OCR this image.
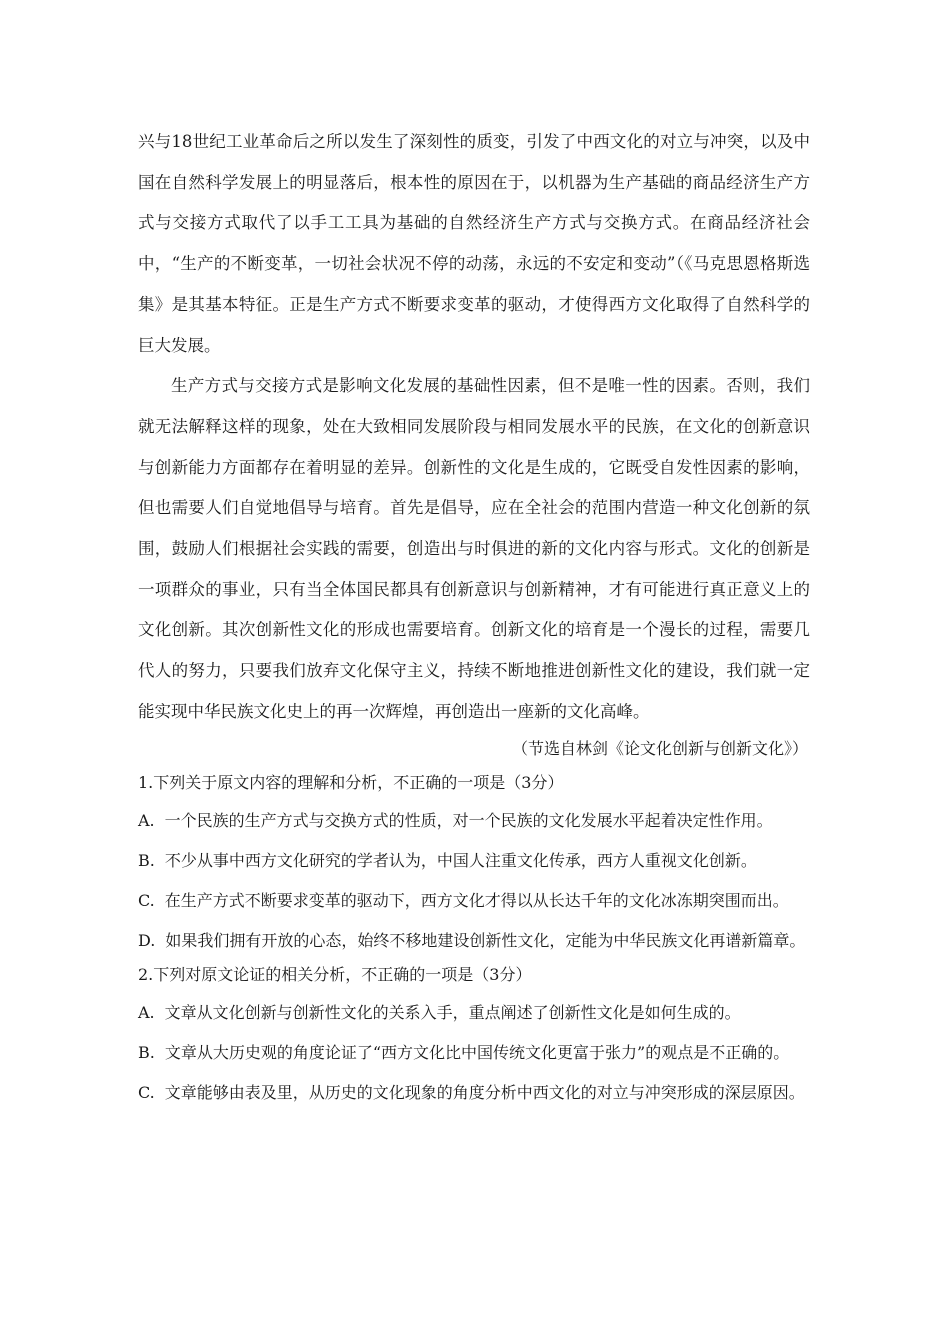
兴与18世纪工业革命后之所以发生了深刻性的质变，引发了中西文化的对立与冲突，以及中国在自然科学发展上的明显落后，根本性的原因在于，以机器为生产基础的商品经济生产方式与交接方式取代了以手工工具为基础的自然经济生产方式与交换方式。在商品经济社会中，“生产的不断变革，一切社会状况不停的动荡，永远的不安定和变动”（《马克思恩格斯选集》是其基本特征。正是生产方式不断要求变革的驱动，才使得西方文化取得了自然科学的巨大发展。

生产方式与交接方式是影响文化发展的基础性因素，但不是唯一性的因素。否则，我们就无法解释这样的现象，处在大致相同发展阶段与相同发展水平的民族，在文化的创新意识与创新能力方面都存在着明显的差异。创新性的文化是生成的，它既受自发性因素的影响，但也需要人们自觉地倡导与培育。首先是倡导，应在全社会的范围内营造一种文化创新的氛围，鼓励人们根据社会实践的需要，创造出与时俱进的新的文化内容与形式。文化的创新是一项群众的事业，只有当全体国民都具有创新意识与创新精神，才有可能进行真正意义上的文化创新。其次创新性文化的形成也需要培育。创新文化的培育是一个漫长的过程，需要几代人的努力，只要我们放弃文化保守主义，持续不断地推进创新性文化的建设，我们就一定能实现中华民族文化史上的再一次辉煌，再创造出一座新的文化高峰。

（节选自林剑《论文化创新与创新文化》）

1.下列关于原文内容的理解和分析，不正确的一项是（3分）

A. 一个民族的生产方式与交换方式的性质，对一个民族的文化发展水平起着决定性作用。

B. 不少从事中西方文化研究的学者认为，中国人注重文化传承，西方人重视文化创新。

C. 在生产方式不断要求变革的驱动下，西方文化才得以从长达千年的文化冰冻期突围而出。

D. 如果我们拥有开放的心态，始终不移地建设创新性文化，定能为中华民族文化再谱新篇章。

2.下列对原文论证的相关分析，不正确的一项是（3分）

A. 文章从文化创新与创新性文化的关系入手，重点阐述了创新性文化是如何生成的。

B. 文章从大历史观的角度论证了“西方文化比中国传统文化更富于张力”的观点是不正确的。

C. 文章能够由表及里，从历史的文化现象的角度分析中西文化的对立与冲突形成的深层原因。
